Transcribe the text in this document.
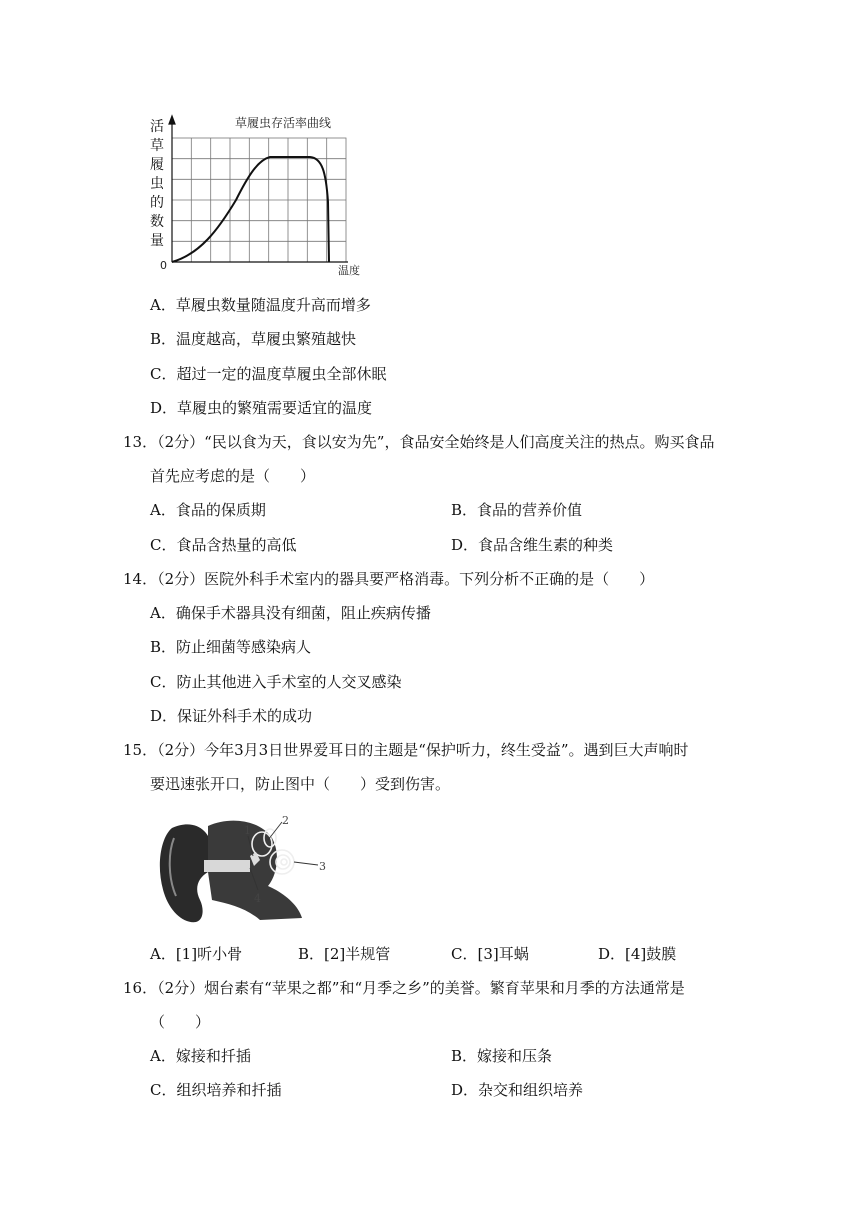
草履虫存活率曲线
0	温度
活
草
履
虫
的
数
量
A．草履虫数量随温度升高而增多
B．温度越高，草履虫繁殖越快
C．超过一定的温度草履虫全部休眠
D．草履虫的繁殖需要适宜的温度
13．（2分）“民以食为天，食以安为先”，食品安全始终是人们高度关注的热点。购买食品
首先应考虑的是（　　）
A．食品的保质期	B．食品的营养价值
C．食品含热量的高低	D．食品含维生素的种类
14．（2分）医院外科手术室内的器具要严格消毒。下列分析不正确的是（　　）
A．确保手术器具没有细菌，阻止疾病传播
B．防止细菌等感染病人
C．防止其他进入手术室的人交叉感染
D．保证外科手术的成功
15．（2分）今年3月3日世界爱耳日的主题是“保护听力，终生受益”。遇到巨大声响时
要迅速张开口，防止图中（　　）受到伤害。
1
2
3
4
A．[1]听小骨	B．[2]半规管	C．[3]耳蜗	D．[4]鼓膜
16．（2分）烟台素有“苹果之都”和“月季之乡”的美誉。繁育苹果和月季的方法通常是
（　　）
A．嫁接和扦插	B．嫁接和压条
C．组织培养和扦插	D．杂交和组织培养
